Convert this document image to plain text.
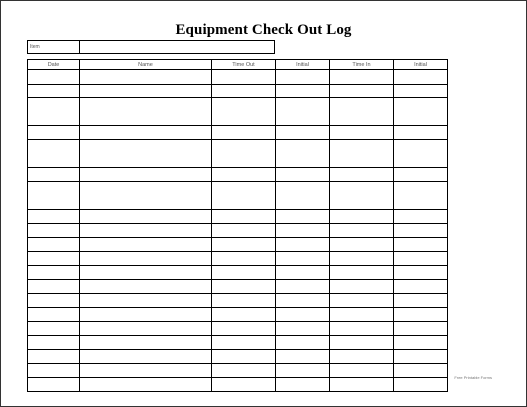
Equipment Check Out Log
Item
Date	Name	Time Out	Initial	Time In	Initial

Free Printable Forms
